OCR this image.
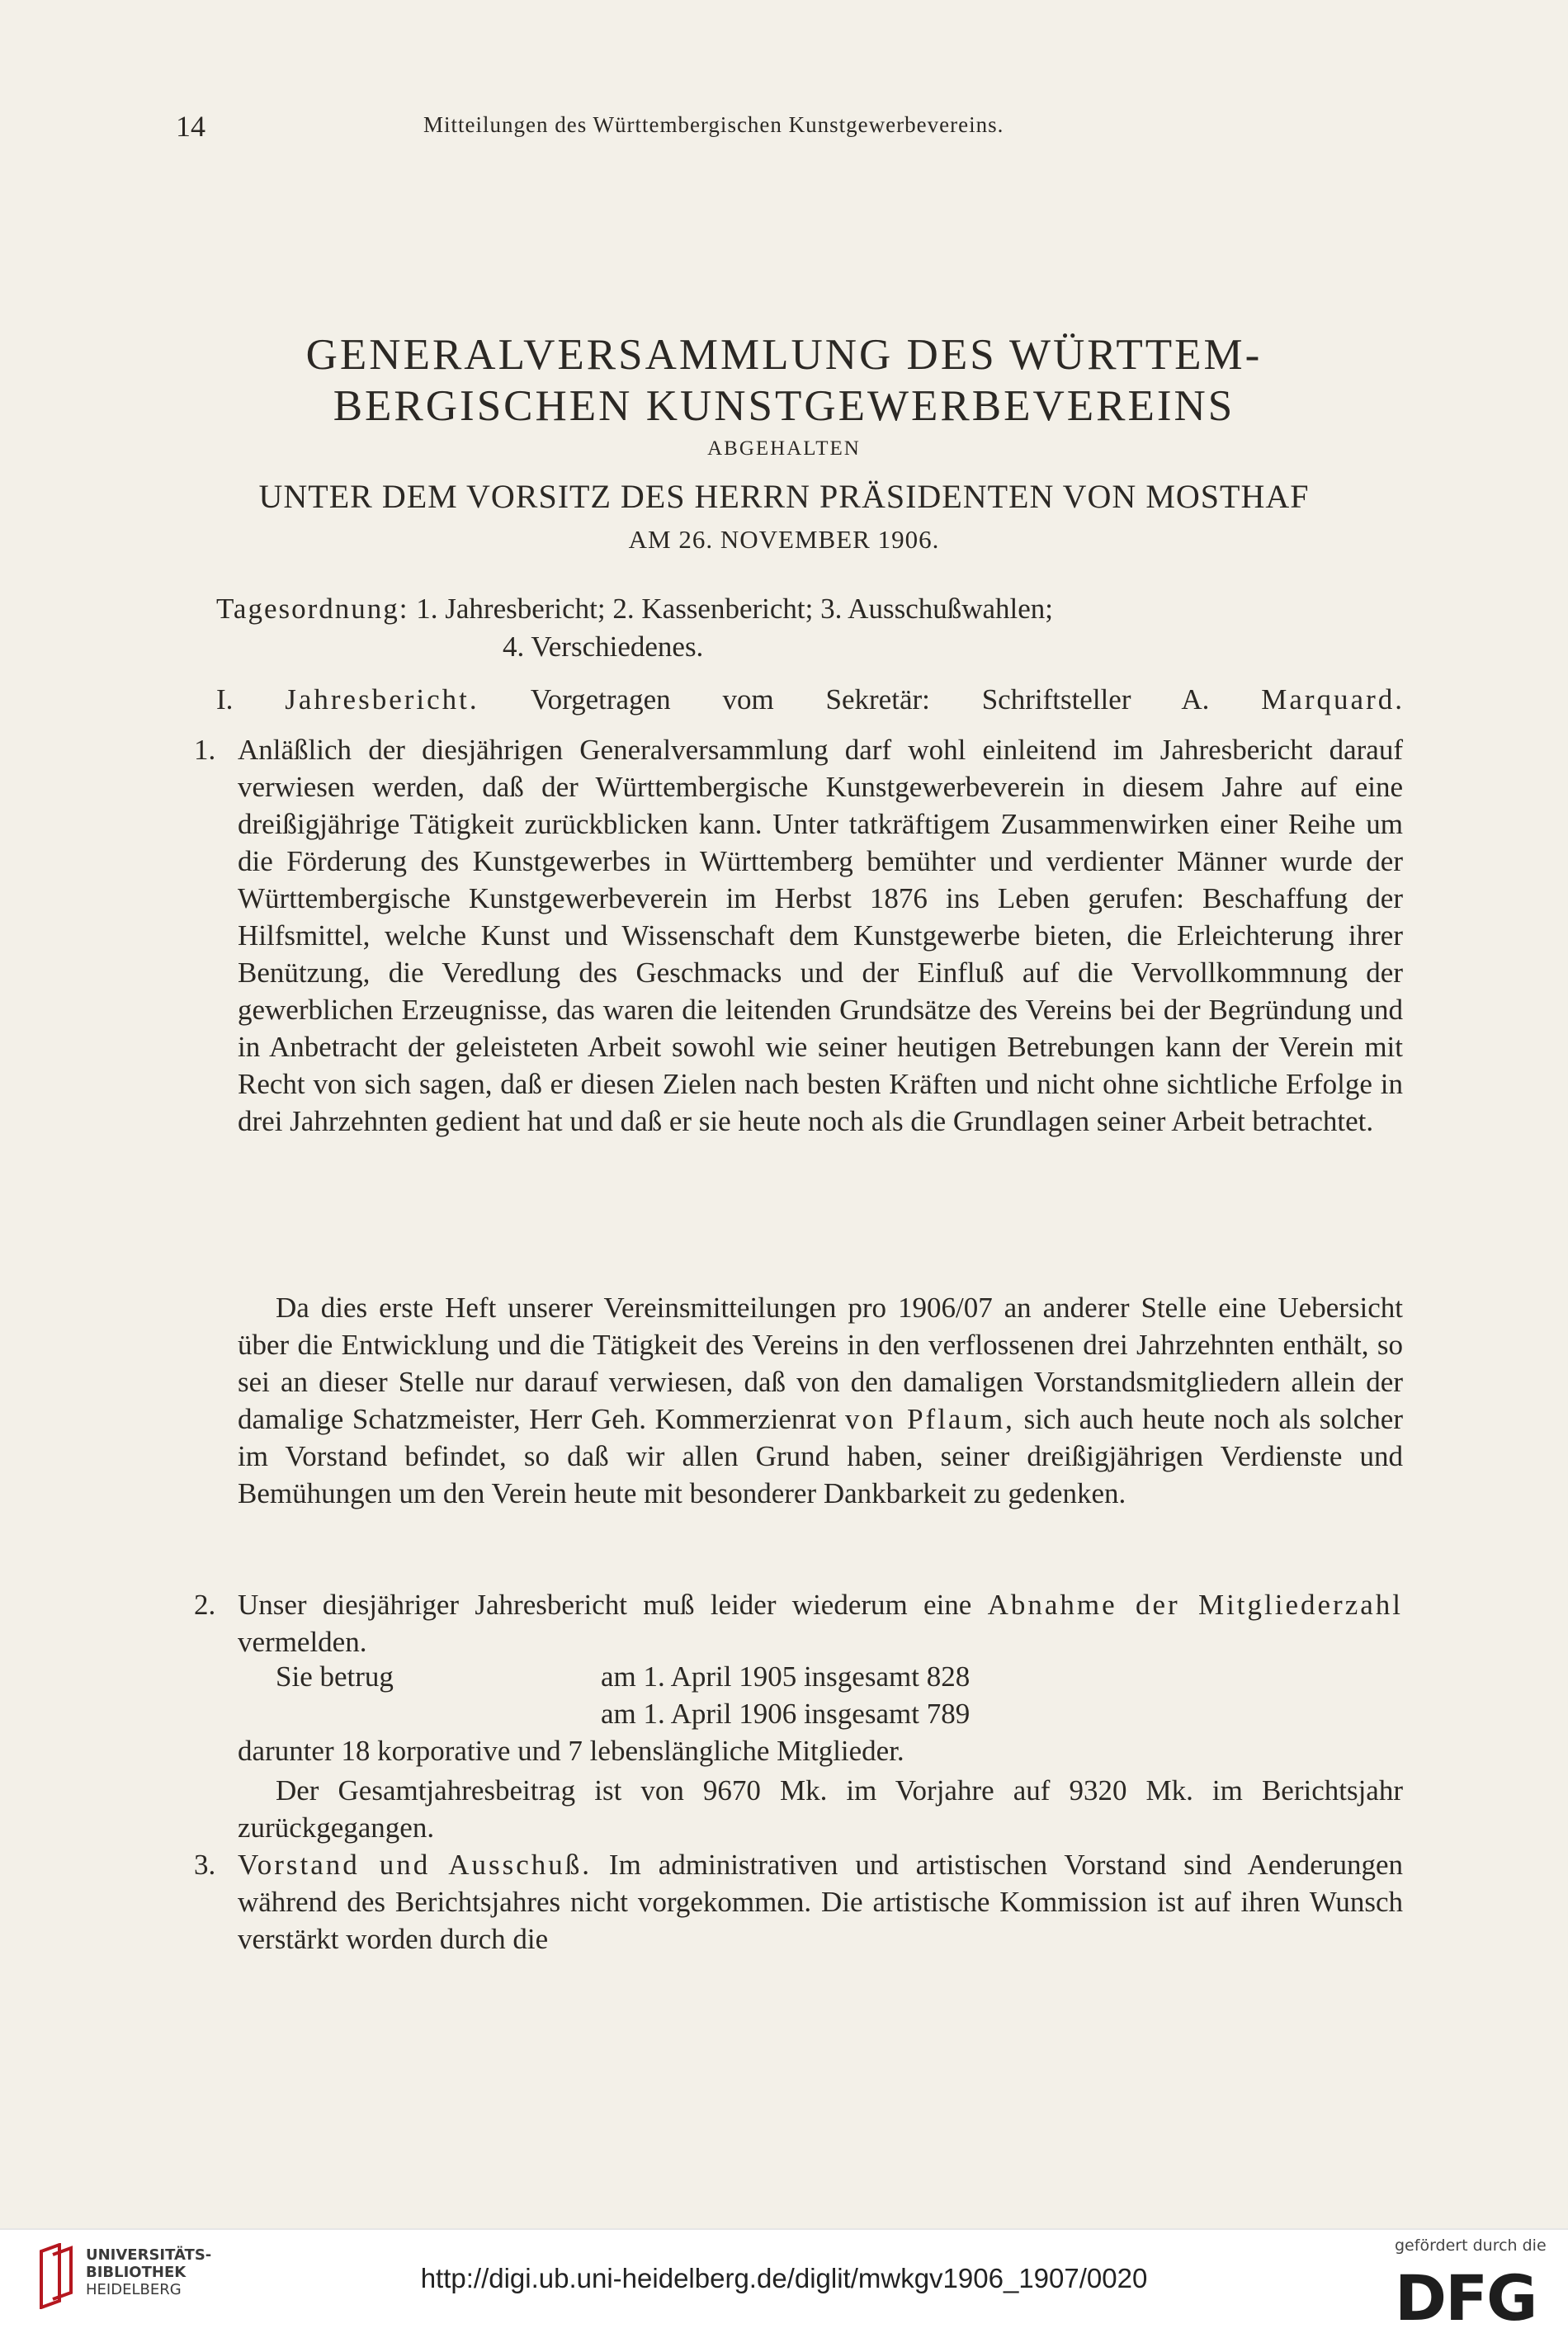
14	Mitteilungen des Württembergischen Kunstgewerbevereins.
GENERALVERSAMMLUNG DES WÜRTTEM-
BERGISCHEN KUNSTGEWERBEVEREINS
ABGEHALTEN
UNTER DEM VORSITZ DES HERRN PRÄSIDENTEN VON MOSTHAF
AM 26. NOVEMBER 1906.
Tagesordnung: 1. Jahresbericht; 2. Kassenbericht; 3. Ausschußwahlen;
4. Verschiedenes.
I. Jahresbericht. Vorgetragen vom Sekretär: Schriftsteller A. Marquard.
1. Anläßlich der diesjährigen Generalversammlung darf wohl einleitend im Jahresbericht darauf verwiesen werden, daß der Württembergische Kunstgewerbeverein in diesem Jahre auf eine dreißigjährige Tätigkeit zurückblicken kann. Unter tatkräftigem Zusammenwirken einer Reihe um die Förderung des Kunstgewerbes in Württemberg bemühter und verdienter Männer wurde der Württembergische Kunstgewerbeverein im Herbst 1876 ins Leben gerufen: Beschaffung der Hilfsmittel, welche Kunst und Wissenschaft dem Kunstgewerbe bieten, die Erleichterung ihrer Benützung, die Veredlung des Geschmacks und der Einfluß auf die Vervollkommnung der gewerblichen Erzeugnisse, das waren die leitenden Grundsätze des Vereins bei der Begründung und in Anbetracht der geleisteten Arbeit sowohl wie seiner heutigen Betrebungen kann der Verein mit Recht von sich sagen, daß er diesen Zielen nach besten Kräften und nicht ohne sichtliche Erfolge in drei Jahrzehnten gedient hat und daß er sie heute noch als die Grundlagen seiner Arbeit betrachtet.
Da dies erste Heft unserer Vereinsmitteilungen pro 1906/07 an anderer Stelle eine Uebersicht über die Entwicklung und die Tätigkeit des Vereins in den verflossenen drei Jahrzehnten enthält, so sei an dieser Stelle nur darauf verwiesen, daß von den damaligen Vorstandsmitgliedern allein der damalige Schatzmeister, Herr Geh. Kommerzienrat von Pflaum, sich auch heute noch als solcher im Vorstand befindet, so daß wir allen Grund haben, seiner dreißigjährigen Verdienste und Bemühungen um den Verein heute mit besonderer Dankbarkeit zu gedenken.
2. Unser diesjähriger Jahresbericht muß leider wiederum eine Abnahme der Mitgliederzahl vermelden.
Sie betrug	am 1. April 1905 insgesamt 828
am 1. April 1906 insgesamt 789
darunter 18 korporative und 7 lebenslängliche Mitglieder.
Der Gesamtjahresbeitrag ist von 9670 Mk. im Vorjahre auf 9320 Mk. im Berichtsjahr zurückgegangen.
3. Vorstand und Ausschuß. Im administrativen und artistischen Vorstand sind Aenderungen während des Berichtsjahres nicht vorgekommen. Die artistische Kommission ist auf ihren Wunsch verstärkt worden durch die
UNIVERSITÄTS-
BIBLIOTHEK
HEIDELBERG	http://digi.ub.uni-heidelberg.de/diglit/mwkgv1906_1907/0020
gefördert durch die
DFG
